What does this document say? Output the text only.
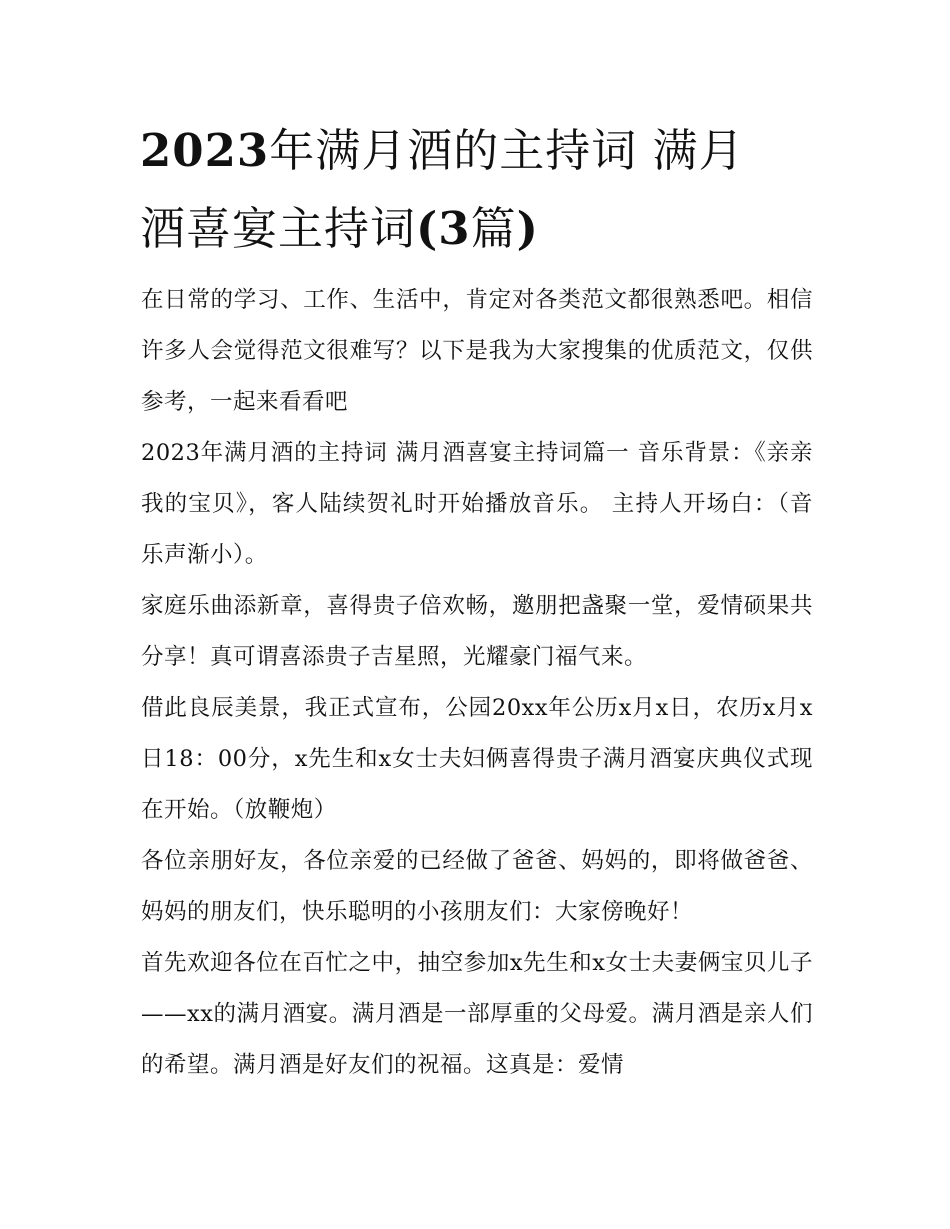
2023年满月酒的主持词 满月
酒喜宴主持词(3篇)

在日常的学习、工作、生活中，肯定对各类范文都很熟悉吧。相信许多人会觉得范文很难写？以下是我为大家搜集的优质范文，仅供参考，一起来看看吧

2023年满月酒的主持词 满月酒喜宴主持词篇一 音乐背景：《亲亲我的宝贝》，客人陆续贺礼时开始播放音乐。 主持人开场白：（音乐声渐小）。

家庭乐曲添新章，喜得贵子倍欢畅，邀朋把盏聚一堂，爱情硕果共分享！真可谓喜添贵子吉星照，光耀豪门福气来。

借此良辰美景，我正式宣布，公园20xx年公历x月x日，农历x月x日18：00分，x先生和x女士夫妇俩喜得贵子满月酒宴庆典仪式现在开始。（放鞭炮）

各位亲朋好友，各位亲爱的已经做了爸爸、妈妈的，即将做爸爸、妈妈的朋友们，快乐聪明的小孩朋友们：大家傍晚好！

首先欢迎各位在百忙之中，抽空参加x先生和x女士夫妻俩宝贝儿子——xx的满月酒宴。满月酒是一部厚重的父母爱。满月酒是亲人们的希望。满月酒是好友们的祝福。这真是：爱情
